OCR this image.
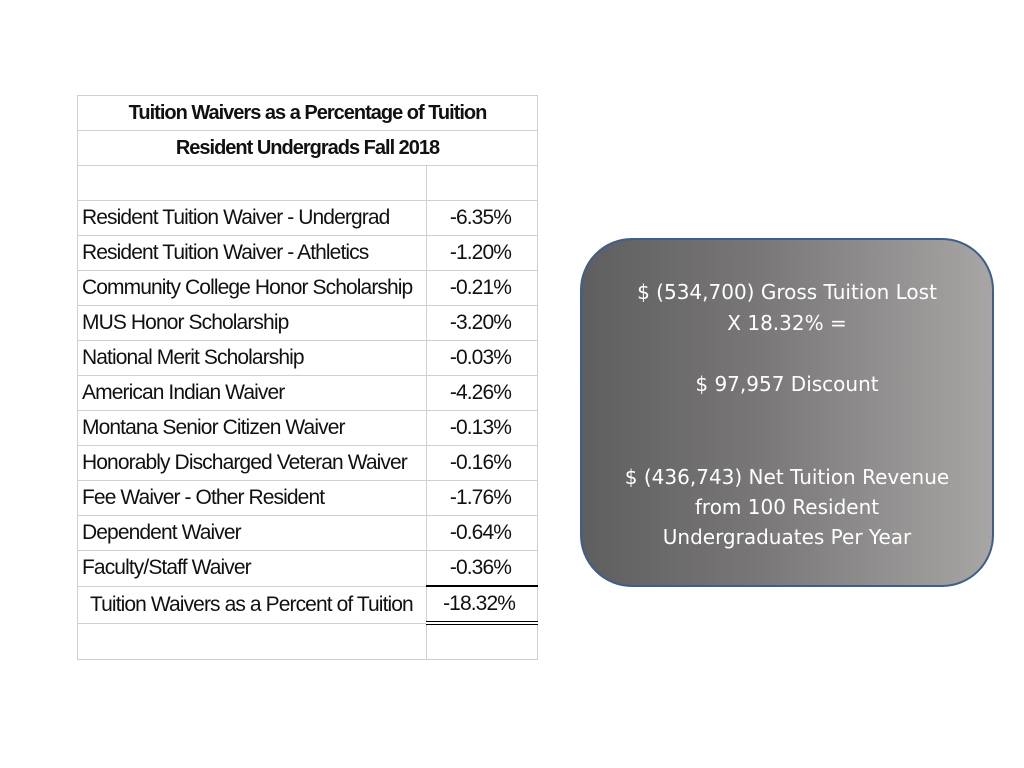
Tuition Waivers as a Percentage of Tuition	
Resident Undergrads Fall 2018	

Resident Tuition Waiver - Undergrad	-6.35%
Resident Tuition Waiver - Athletics	-1.20%
Community College Honor Scholarship	-0.21%
MUS Honor Scholarship	-3.20%
National Merit Scholarship	-0.03%
American Indian Waiver	-4.26%
Montana Senior Citizen Waiver	-0.13%
Honorably Discharged Veteran Waiver	-0.16%
Fee Waiver - Other Resident	-1.76%
Dependent Waiver	-0.64%
Faculty/Staff Waiver	-0.36%
Tuition Waivers as a Percent of Tuition	-18.32%

$ (534,700) Gross Tuition Lost
X 18.32% =
$ 97,957 Discount
$ (436,743) Net Tuition Revenue
from 100 Resident
Undergraduates Per Year
